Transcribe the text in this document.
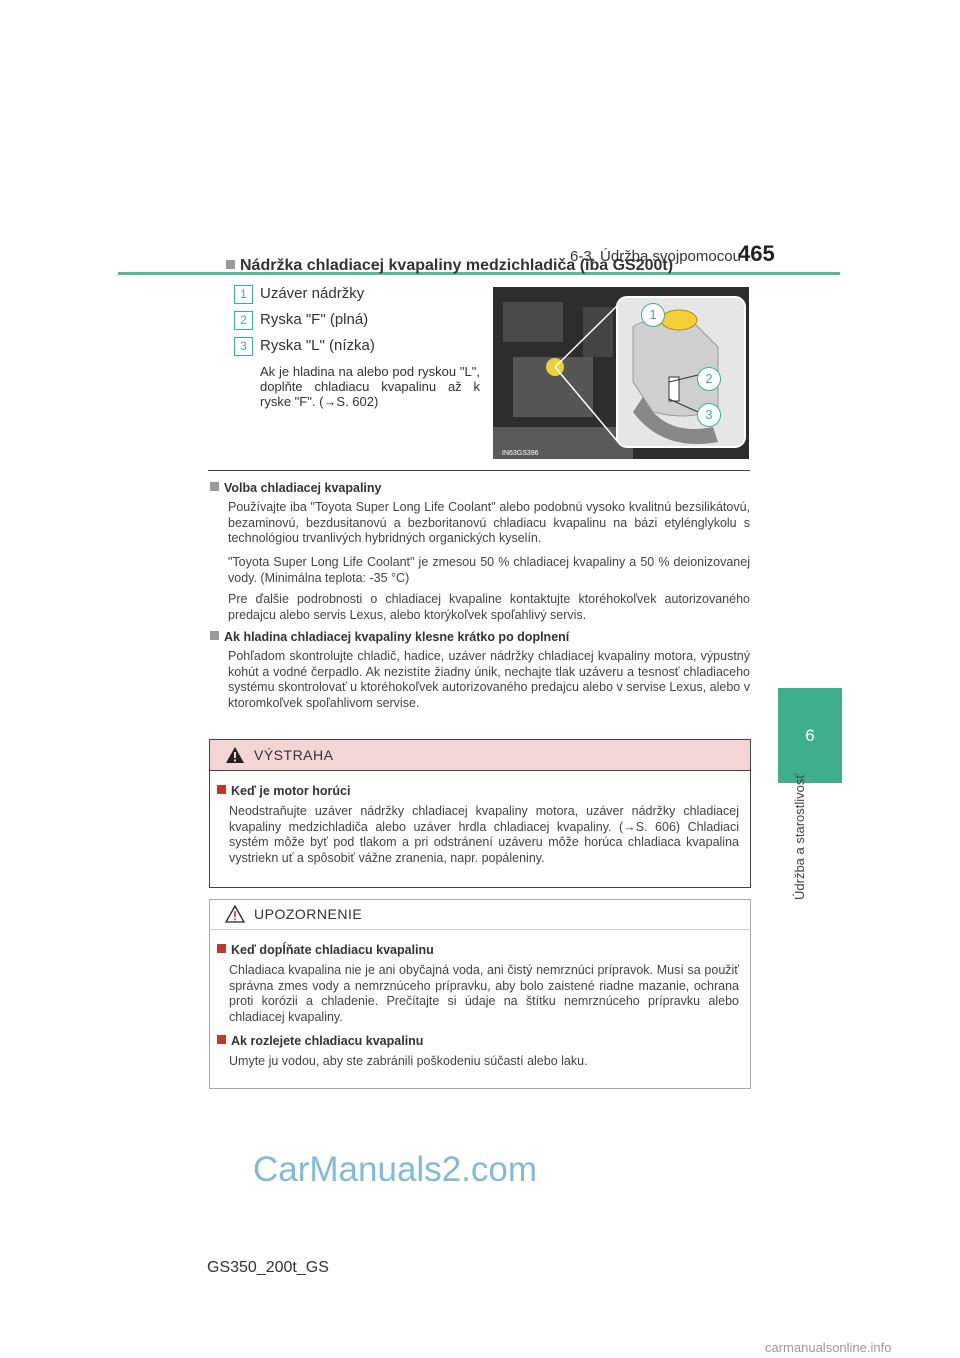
6-3. Údržba svojpomocou
465
6
Údržba a starostlivosť
Nádržka chladiacej kvapaliny medzichladiča (iba GS200t)
1 Uzáver nádržky
2 Ryska "F" (plná)
3 Ryska "L" (nízka)
Ak je hladina na alebo pod ryskou "L", doplňte chladiacu kvapalinu až k ryske "F". (→S. 602)
IN63GS396
1
2
3
Volba chladiacej kvapaliny
Používajte iba "Toyota Super Long Life Coolant" alebo podobnú vysoko kvalitnú bezsilikátovú, bezaminovú, bezdusitanovú a bezboritanovú chladiacu kvapalinu na bázi etylénglykolu s technológiou trvanlivých hybridných organických kyselín.
"Toyota Super Long Life Coolant" je zmesou 50 % chladiacej kvapaliny a 50 % deionizovanej vody. (Minimálna teplota: -35 °C)
Pre ďalšie podrobnosti o chladiacej kvapaline kontaktujte ktoréhokoľvek autorizovaného predajcu alebo servis Lexus, alebo ktorýkoľvek spoľahlivý servis.
Ak hladina chladiacej kvapaliny klesne krátko po doplnení
Pohľadom skontrolujte chladič, hadice, uzáver nádržky chladiacej kvapaliny motora, výpustný kohút a vodné čerpadlo. Ak nezistíte žiadny únik, nechajte tlak uzáveru a tesnosť chladiaceho systému skontrolovať u ktoréhokoľvek autorizovaného predajcu alebo v servise Lexus, alebo v ktoromkoľvek spoľahlivom servise.
VÝSTRAHA
Keď je motor horúci
Neodstraňujte uzáver nádržky chladiacej kvapaliny motora, uzáver nádržky chladiacej kvapaliny medzichladiča alebo uzáver hrdla chladiacej kvapaliny. (→S. 606) Chladiaci systém môže byť pod tlakom a pri odstránení uzáveru môže horúca chladiaca kvapalina vystriekn uť a spôsobiť vážne zranenia, napr. popáleniny.
UPOZORNENIE
Keď dopĺňate chladiacu kvapalinu
Chladiaca kvapalina nie je ani obyčajná voda, ani čistý nemrznúci prípravok. Musí sa použiť správna zmes vody a nemrznúceho prípravku, aby bolo zaistené riadne mazanie, ochrana proti korózii a chladenie. Prečítajte si údaje na štítku nemrznúceho prípravku alebo chladiacej kvapaliny.
Ak rozlejete chladiacu kvapalinu
Umyte ju vodou, aby ste zabránili poškodeniu súčastí alebo laku.
CarManuals2.com
GS350_200t_GS
carmanualsonline.info
